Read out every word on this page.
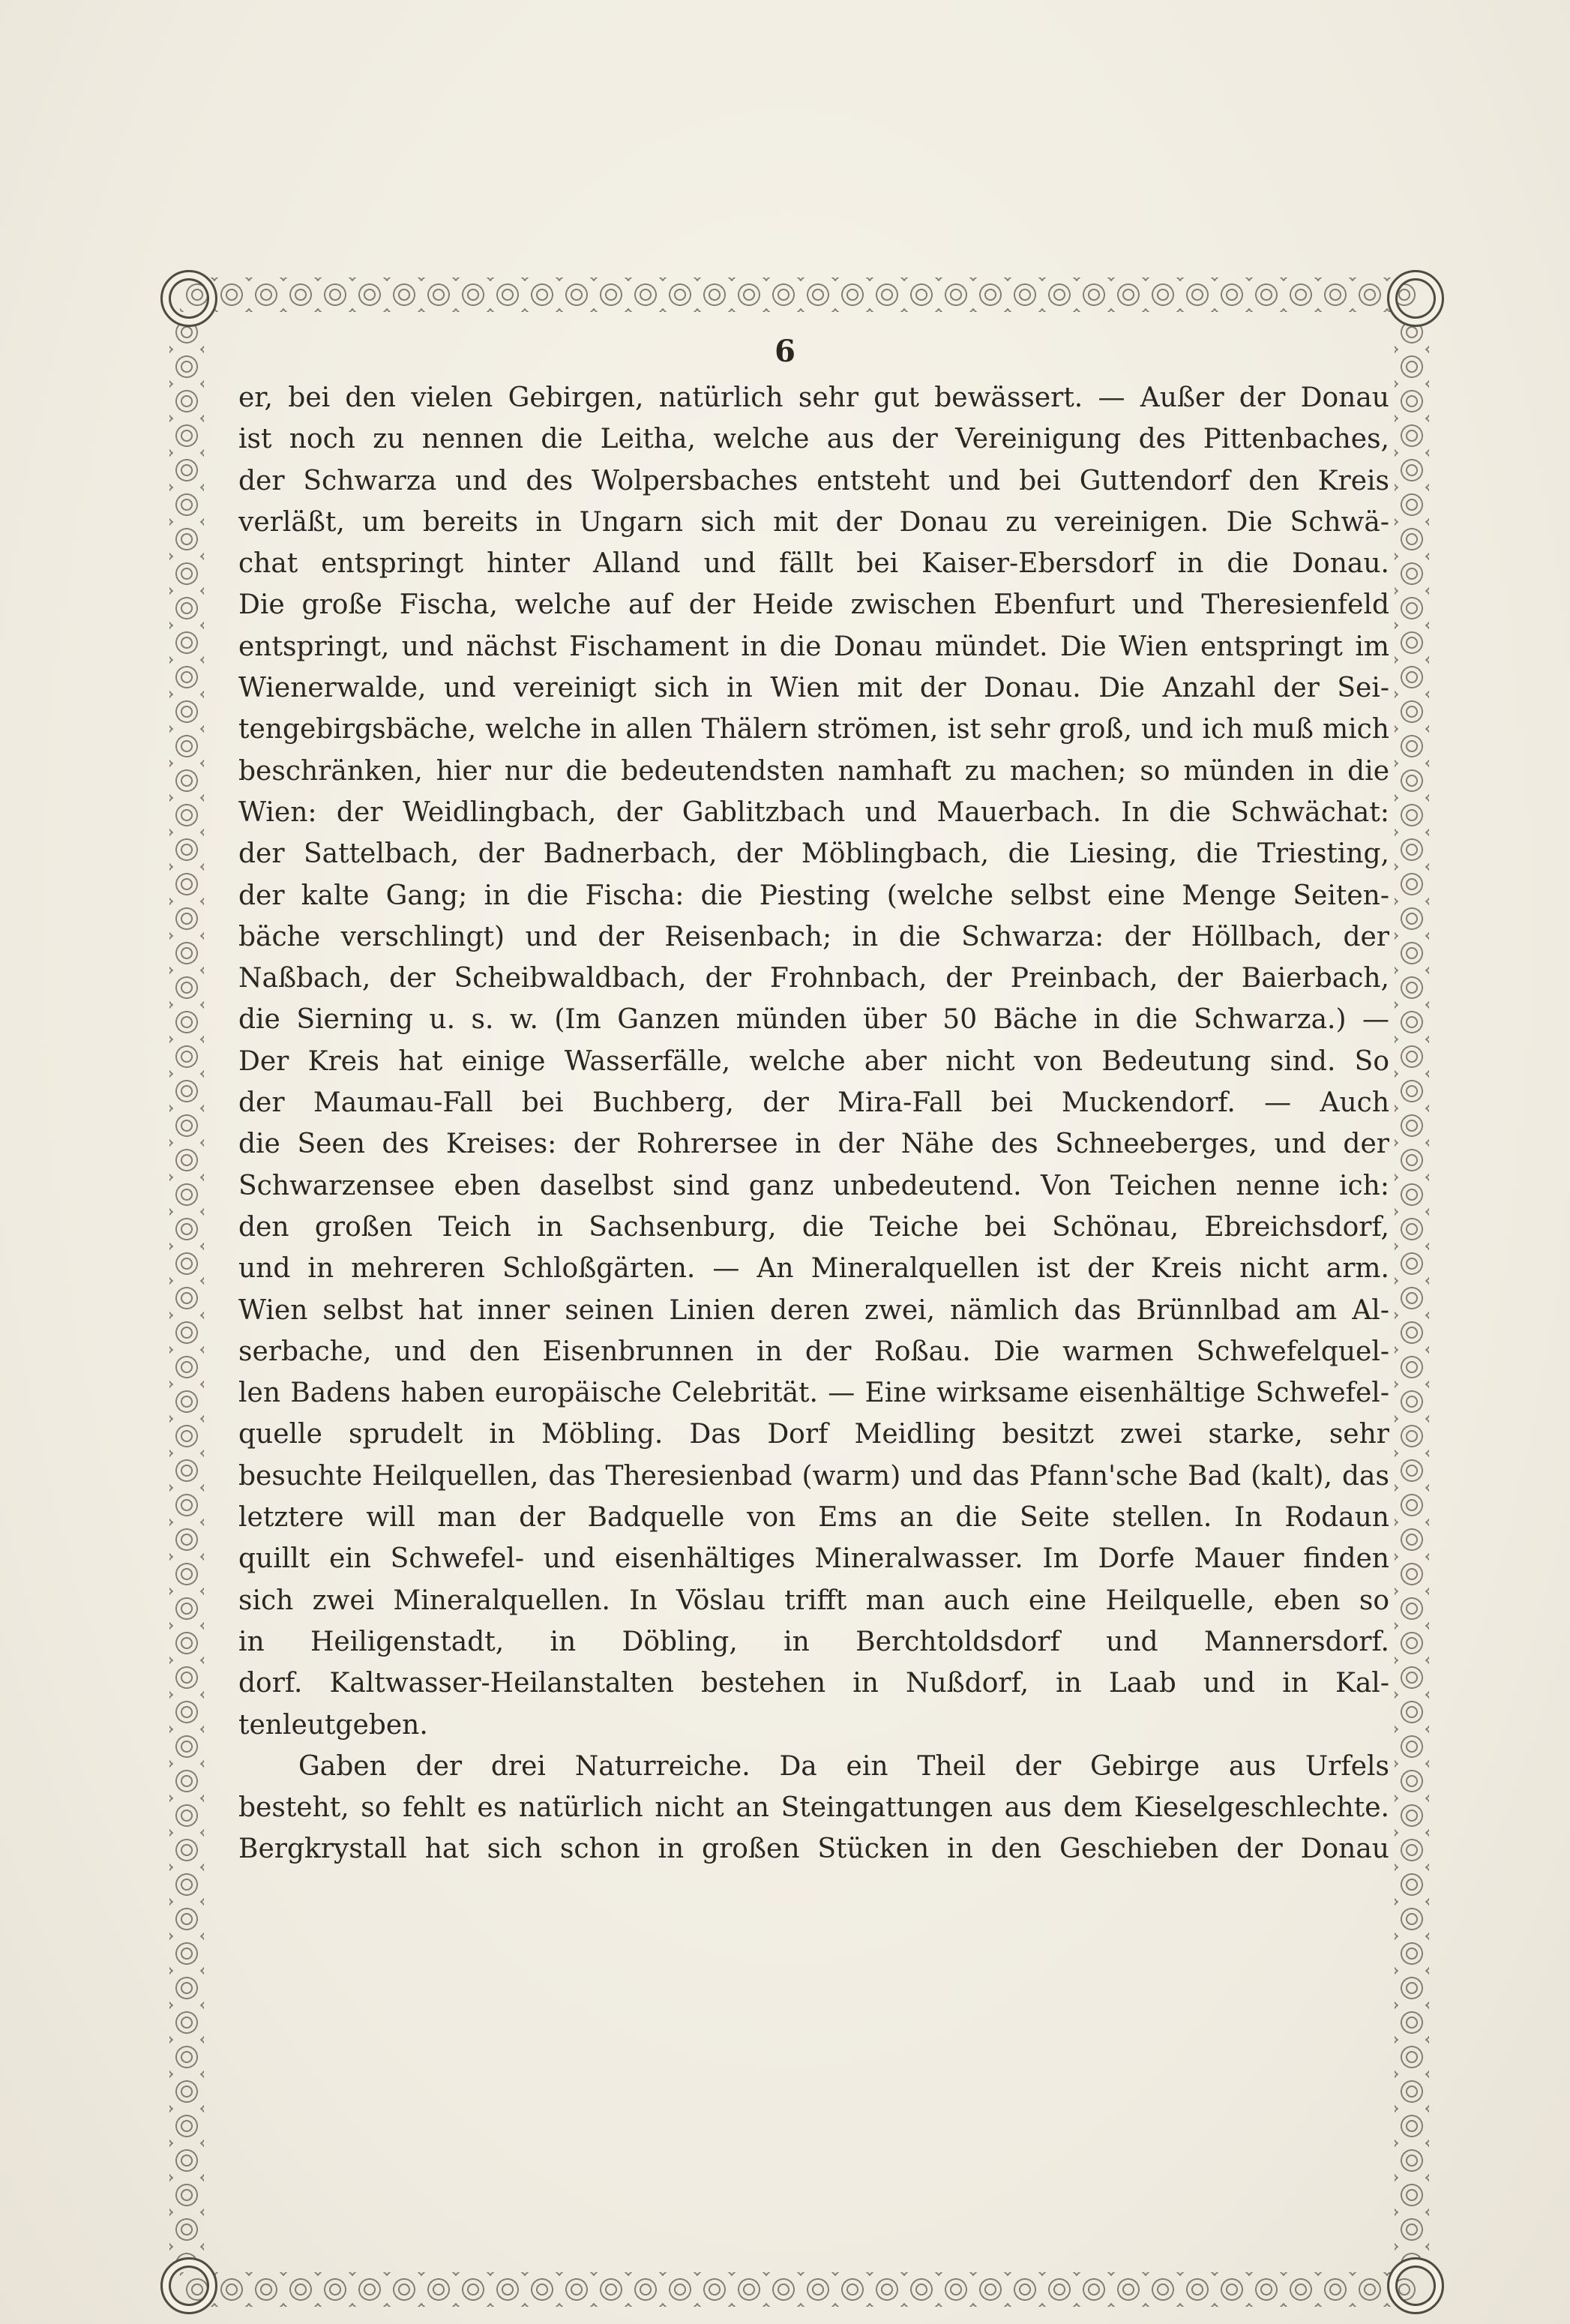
6
er, bei den vielen Gebirgen, natürlich sehr gut bewässert. — Außer der Donau
ist noch zu nennen die Leitha, welche aus der Vereinigung des Pittenbaches,
der Schwarza und des Wolpersbaches entsteht und bei Guttendorf den Kreis
verläßt, um bereits in Ungarn sich mit der Donau zu vereinigen. Die Schwä-
chat entspringt hinter Alland und fällt bei Kaiser-Ebersdorf in die Donau.
Die große Fischa, welche auf der Heide zwischen Ebenfurt und Theresienfeld
entspringt, und nächst Fischament in die Donau mündet. Die Wien entspringt im
Wienerwalde, und vereinigt sich in Wien mit der Donau. Die Anzahl der Sei-
tengebirgsbäche, welche in allen Thälern strömen, ist sehr groß, und ich muß mich
beschränken, hier nur die bedeutendsten namhaft zu machen; so münden in die
Wien: der Weidlingbach, der Gablitzbach und Mauerbach. In die Schwächat:
der Sattelbach, der Badnerbach, der Möblingbach, die Liesing, die Triesting,
der kalte Gang; in die Fischa: die Piesting (welche selbst eine Menge Seiten-
bäche verschlingt) und der Reisenbach; in die Schwarza: der Höllbach, der
Naßbach, der Scheibwaldbach, der Frohnbach, der Preinbach, der Baierbach,
die Sierning u. s. w. (Im Ganzen münden über 50 Bäche in die Schwarza.) —
Der Kreis hat einige Wasserfälle, welche aber nicht von Bedeutung sind. So
der Maumau-Fall bei Buchberg, der Mira-Fall bei Muckendorf. — Auch
die Seen des Kreises: der Rohrersee in der Nähe des Schneeberges, und der
Schwarzensee eben daselbst sind ganz unbedeutend. Von Teichen nenne ich:
den großen Teich in Sachsenburg, die Teiche bei Schönau, Ebreichsdorf,
und in mehreren Schloßgärten. — An Mineralquellen ist der Kreis nicht arm.
Wien selbst hat inner seinen Linien deren zwei, nämlich das Brünnlbad am Al-
serbache, und den Eisenbrunnen in der Roßau. Die warmen Schwefelquel-
len Badens haben europäische Celebrität. — Eine wirksame eisenhältige Schwefel-
quelle sprudelt in Möbling. Das Dorf Meidling besitzt zwei starke, sehr
besuchte Heilquellen, das Theresienbad (warm) und das Pfann'sche Bad (kalt), das
letztere will man der Badquelle von Ems an die Seite stellen. In Rodaun
quillt ein Schwefel- und eisenhältiges Mineralwasser. Im Dorfe Mauer finden
sich zwei Mineralquellen. In Vöslau trifft man auch eine Heilquelle, eben so
in Heiligenstadt, in Döbling, in Berchtoldsdorf und Mannersdorf.
dorf. Kaltwasser-Heilanstalten bestehen in Nußdorf, in Laab und in Kal-
tenleutgeben.
Gaben der drei Naturreiche. Da ein Theil der Gebirge aus Urfels
besteht, so fehlt es natürlich nicht an Steingattungen aus dem Kieselgeschlechte.
Bergkrystall hat sich schon in großen Stücken in den Geschieben der Donau
